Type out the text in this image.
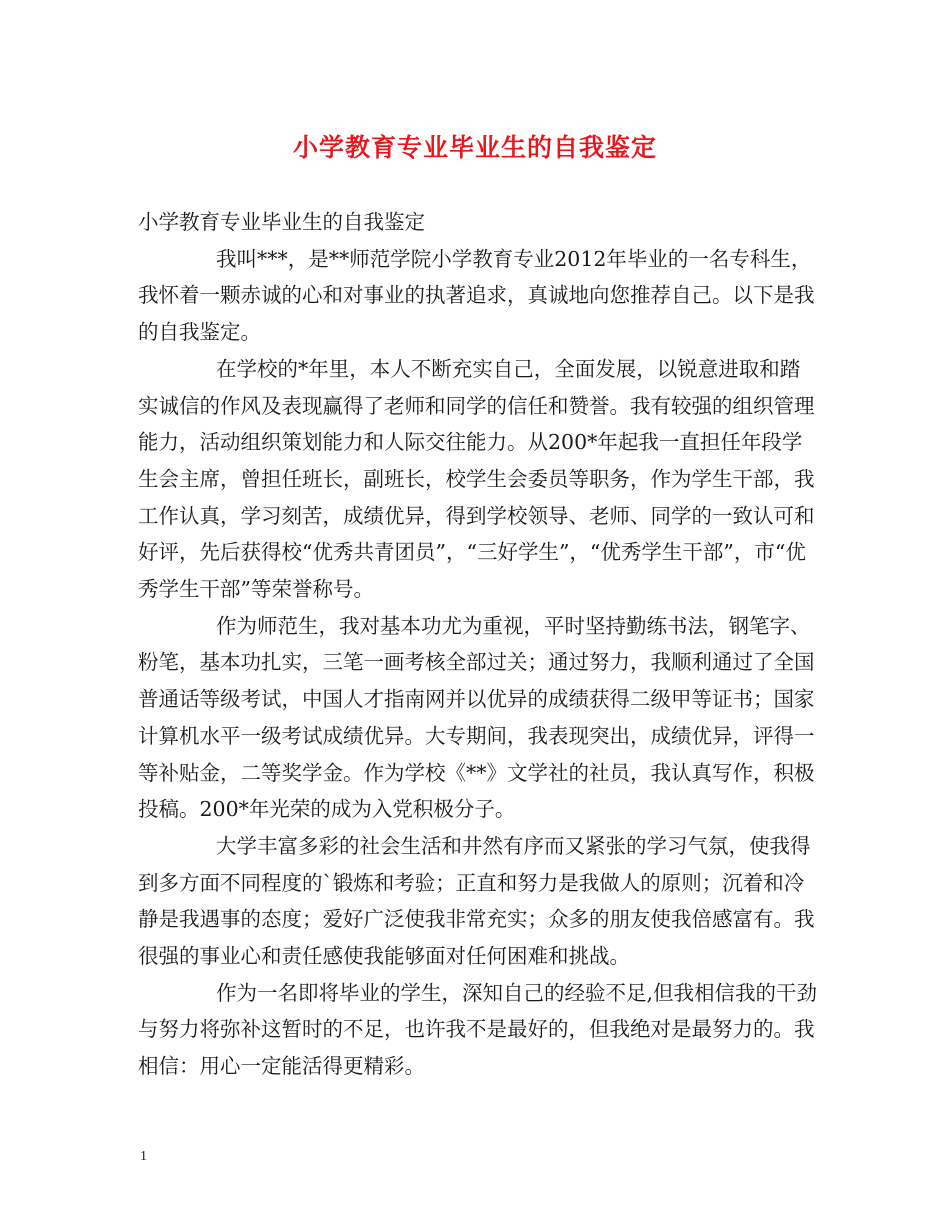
小学教育专业毕业生的自我鉴定

小学教育专业毕业生的自我鉴定

我叫***，是**师范学院小学教育专业2012年毕业的一名专科生，我怀着一颗赤诚的心和对事业的执著追求，真诚地向您推荐自己。以下是我的自我鉴定。

在学校的*年里，本人不断充实自己，全面发展，以锐意进取和踏实诚信的作风及表现赢得了老师和同学的信任和赞誉。我有较强的组织管理能力，活动组织策划能力和人际交往能力。从200*年起我一直担任年段学生会主席，曾担任班长，副班长，校学生会委员等职务，作为学生干部，我工作认真，学习刻苦，成绩优异，得到学校领导、老师、同学的一致认可和好评，先后获得校“优秀共青团员”，“三好学生”，“优秀学生干部”，市“优秀学生干部”等荣誉称号。

作为师范生，我对基本功尤为重视，平时坚持勤练书法，钢笔字、粉笔，基本功扎实，三笔一画考核全部过关；通过努力，我顺利通过了全国普通话等级考试，中国人才指南网并以优异的成绩获得二级甲等证书；国家计算机水平一级考试成绩优异。大专期间，我表现突出，成绩优异，评得一等补贴金，二等奖学金。作为学校《**》文学社的社员，我认真写作，积极投稿。200*年光荣的成为入党积极分子。

大学丰富多彩的社会生活和井然有序而又紧张的学习气氛，使我得到多方面不同程度的`锻炼和考验；正直和努力是我做人的原则；沉着和冷静是我遇事的态度；爱好广泛使我非常充实；众多的朋友使我倍感富有。我很强的事业心和责任感使我能够面对任何困难和挑战。

作为一名即将毕业的学生，深知自己的经验不足,但我相信我的干劲与努力将弥补这暂时的不足，也许我不是最好的，但我绝对是最努力的。我相信：用心一定能活得更精彩。

1
